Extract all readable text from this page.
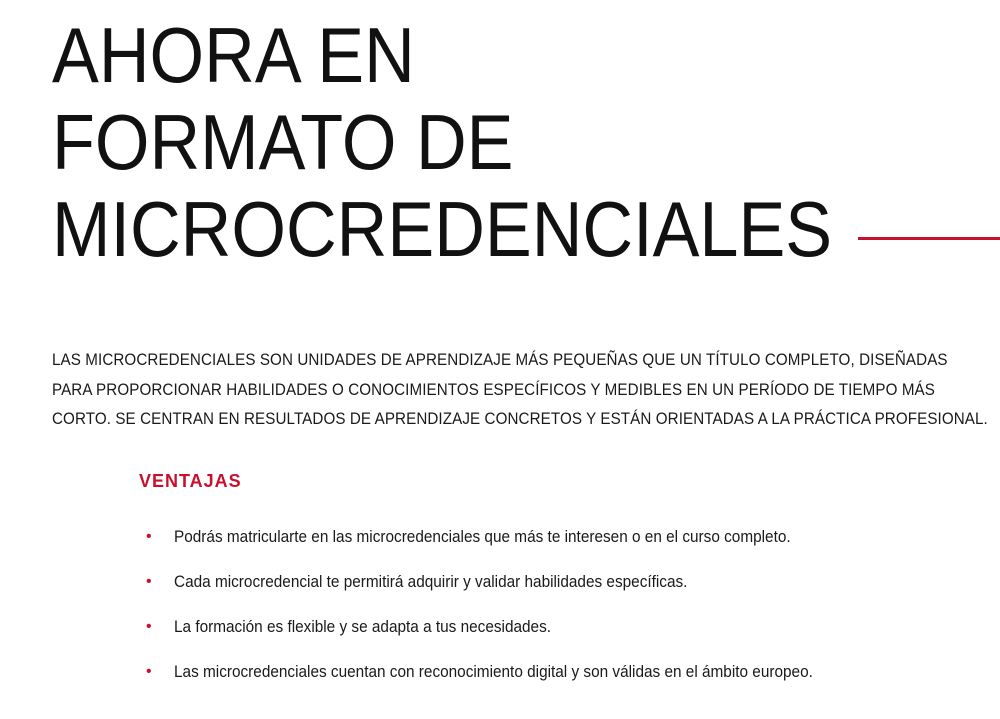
AHORA EN
FORMATO DE
MICROCREDENCIALES

LAS MICROCREDENCIALES SON UNIDADES DE APRENDIZAJE MÁS PEQUEÑAS QUE UN TÍTULO COMPLETO, DISEÑADAS PARA PROPORCIONAR HABILIDADES O CONOCIMIENTOS ESPECÍFICOS Y MEDIBLES EN UN PERÍODO DE TIEMPO MÁS CORTO. SE CENTRAN EN RESULTADOS DE APRENDIZAJE CONCRETOS Y ESTÁN ORIENTADAS A LA PRÁCTICA PROFESIONAL.

VENTAJAS
•	Podrás matricularte en las microcredenciales que más te interesen o en el curso completo.
•	Cada microcredencial te permitirá adquirir y validar habilidades específicas.
•	La formación es flexible y se adapta a tus necesidades.
•	Las microcredenciales cuentan con reconocimiento digital y son válidas en el ámbito europeo.
